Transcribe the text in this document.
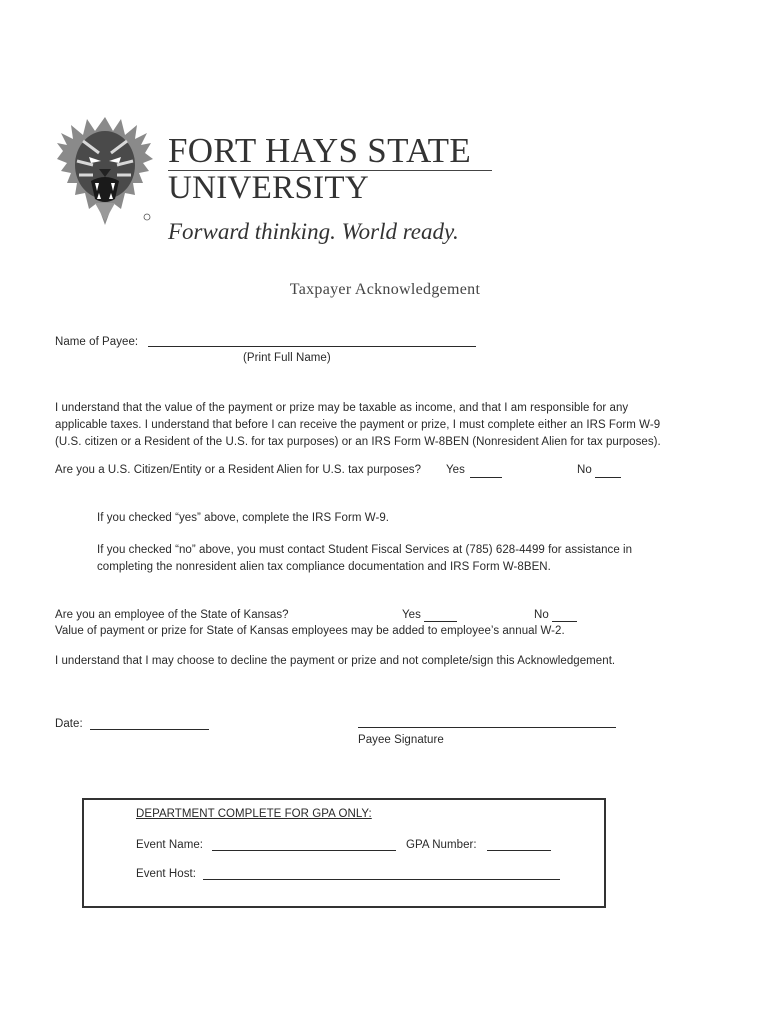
FORT HAYS STATE
UNIVERSITY
Forward thinking. World ready.
Taxpayer Acknowledgement

Name of Payee:

(Print Full Name)

I understand that the value of the payment or prize may be taxable as income, and that I am responsible for any

applicable taxes. I understand that before I can receive the payment or prize, I must complete either an IRS Form W-9

(U.S. citizen or a Resident of the U.S. for tax purposes) or an IRS Form W-8BEN (Nonresident Alien for tax purposes).

Are you a U.S. Citizen/Entity or a Resident Alien for U.S. tax purposes? Yes	No

If you checked “yes” above, complete the IRS Form W-9.

If you checked “no” above, you must contact Student Fiscal Services at (785) 628-4499 for assistance in

completing the nonresident alien tax compliance documentation and IRS Form W-8BEN.

Are you an employee of the State of Kansas?	Yes	No

Value of payment or prize for State of Kansas employees may be added to employee’s annual W-2.

I understand that I may choose to decline the payment or prize and not complete/sign this Acknowledgement.

Date:

Payee Signature

DEPARTMENT COMPLETE FOR GPA ONLY:

Event Name:	GPA Number:

Event Host:
